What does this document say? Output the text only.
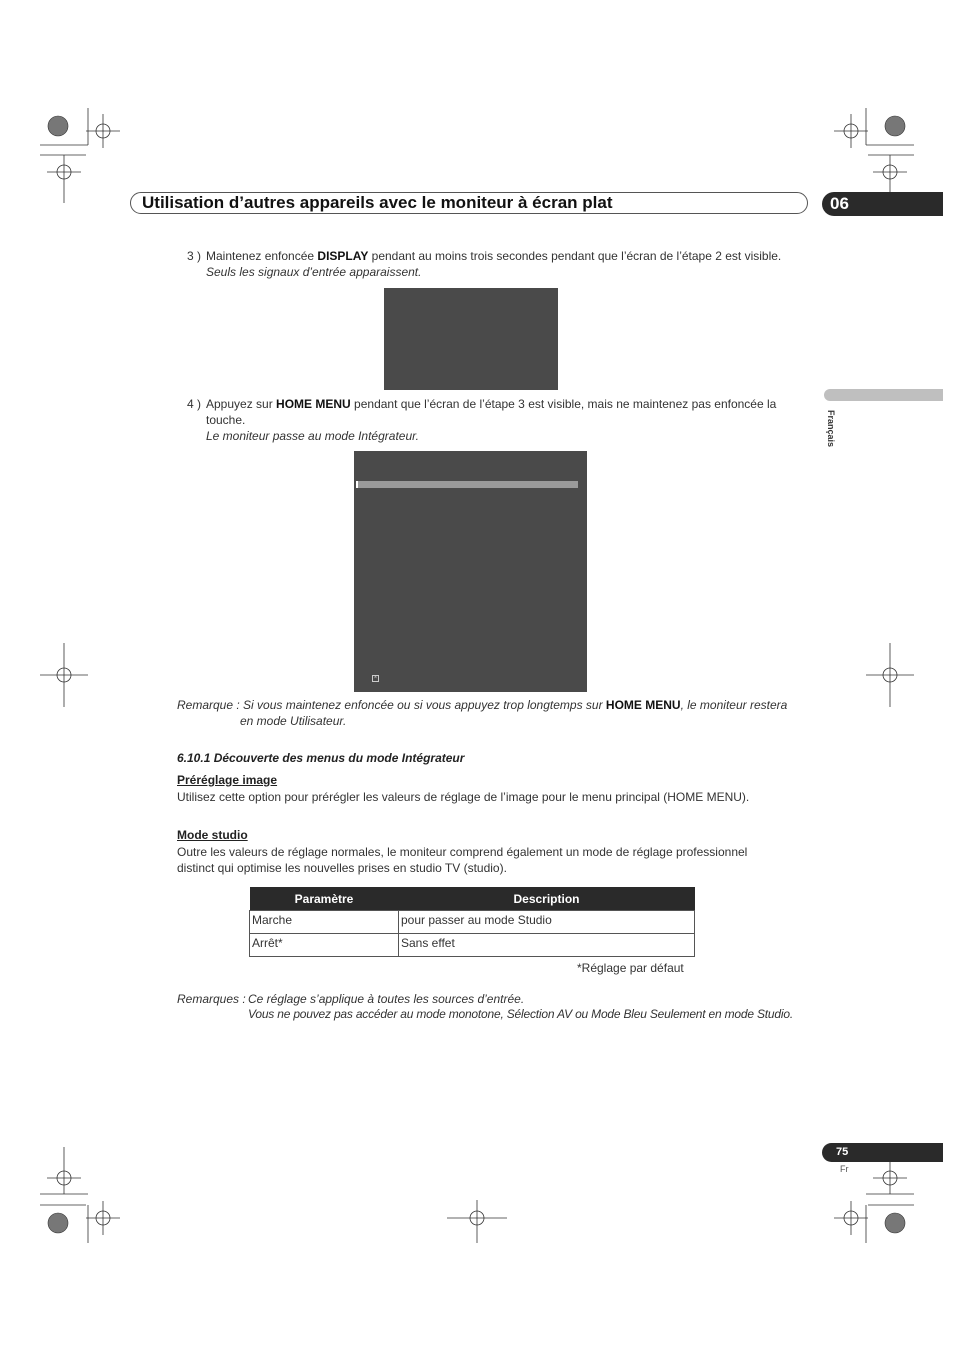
Utilisation d’autres appareils avec le moniteur à écran plat	06
Français
3 ) Maintenez enfoncée DISPLAY pendant au moins trois secondes pendant que l’écran de l’étape 2 est visible.
Seuls les signaux d’entrée apparaissent.
4 ) Appuyez sur HOME MENU pendant que l’écran de l’étape 3 est visible, mais ne maintenez pas enfoncée la
touche.
Le moniteur passe au mode Intégrateur.
×
Remarque : Si vous maintenez enfoncée ou si vous appuyez trop longtemps sur HOME MENU, le moniteur restera
en mode Utilisateur.
6.10.1 Découverte des menus du mode Intégrateur
Préréglage image
Utilisez cette option pour prérégler les valeurs de réglage de l’image pour le menu principal (HOME MENU).
Mode studio
Outre les valeurs de réglage normales, le moniteur comprend également un mode de réglage professionnel
distinct qui optimise les nouvelles prises en studio TV (studio).
Paramètre	Description
Marche	pour passer au mode Studio
Arrêt*	Sans effet
*Réglage par défaut
Remarques : Ce réglage s’applique à toutes les sources d’entrée.
Vous ne pouvez pas accéder au mode monotone, Sélection AV ou Mode Bleu Seulement en mode Studio.
75
Fr
